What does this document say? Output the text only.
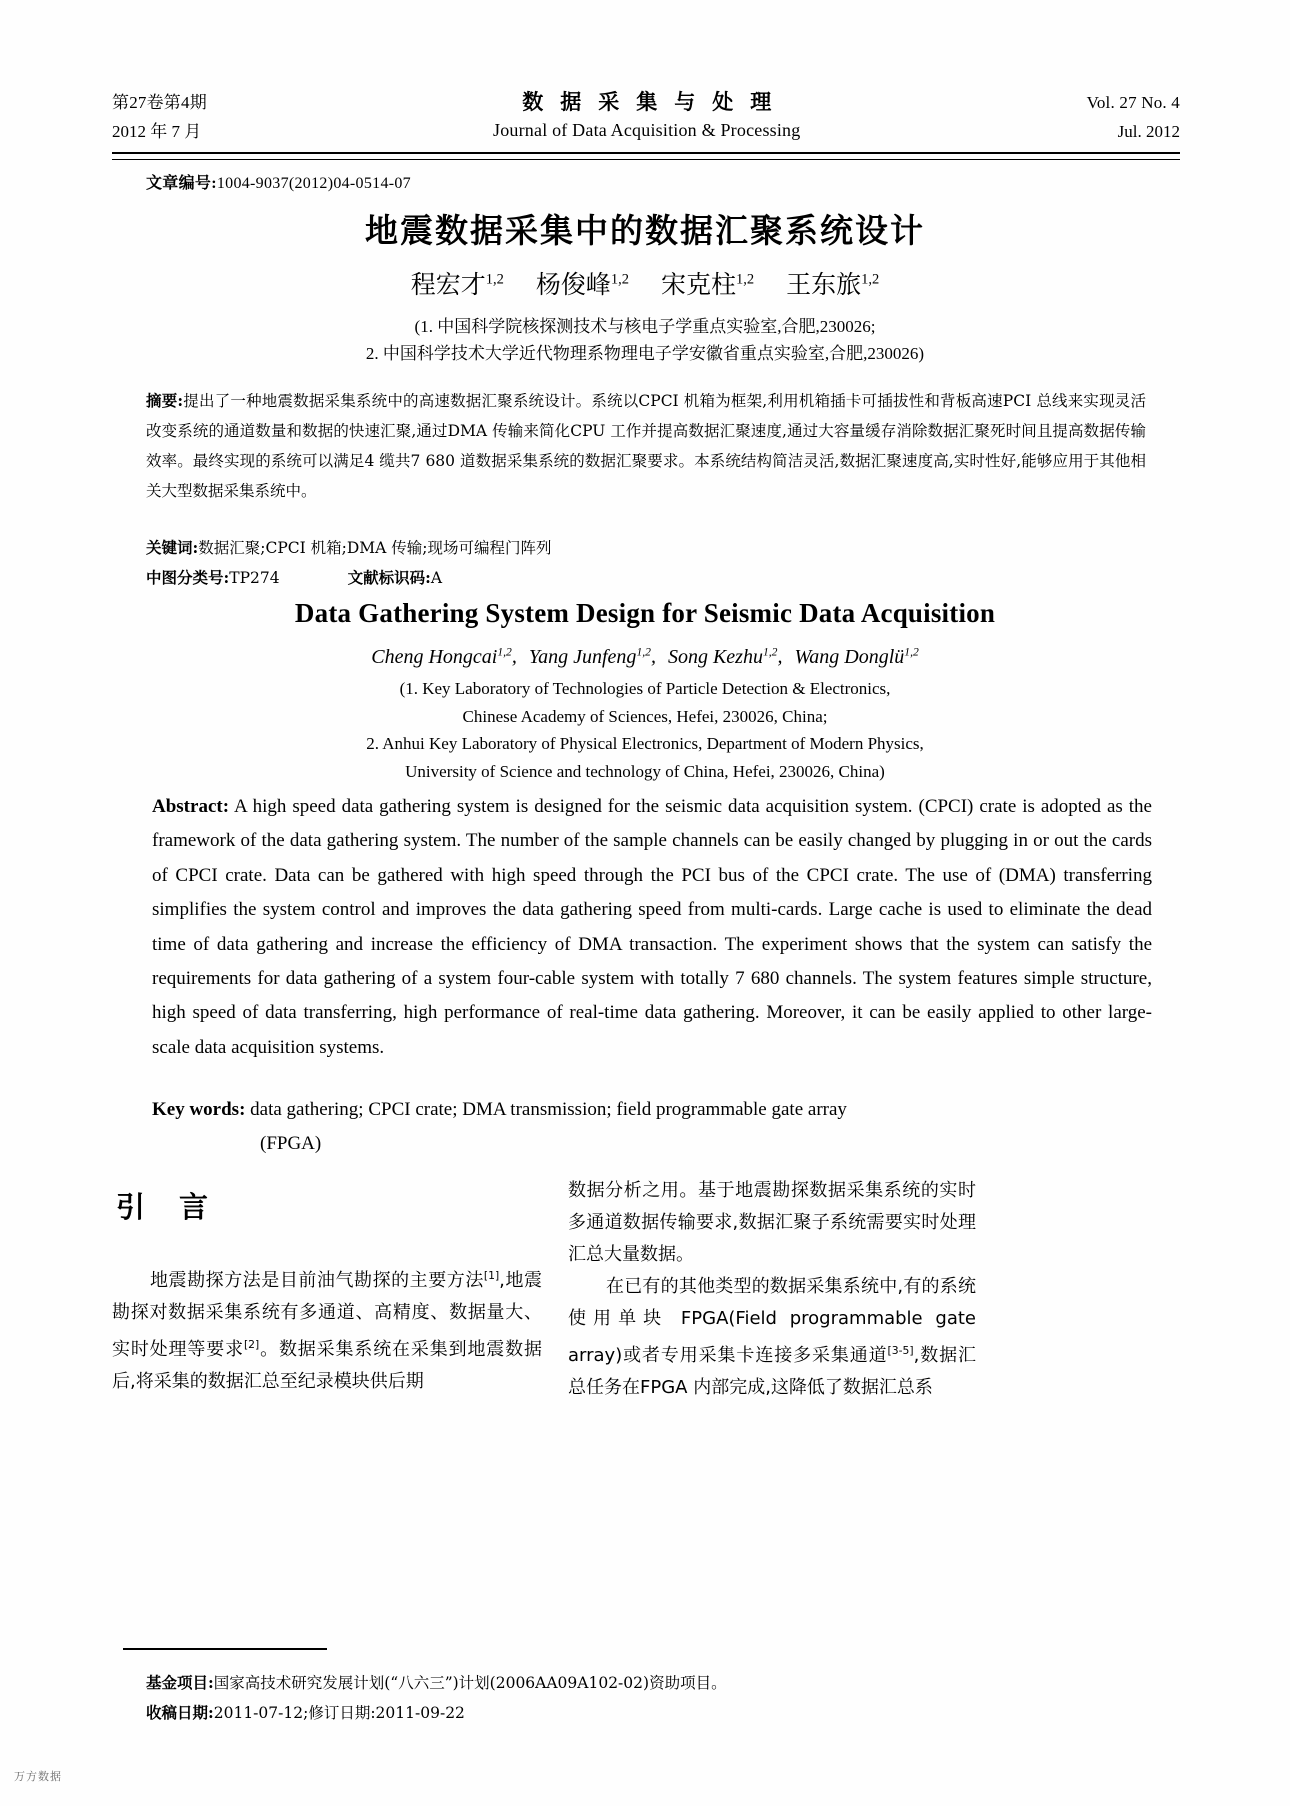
第27卷第4期
2012 年 7 月
数据采集与处理
Journal of Data Acquisition & Processing
Vol. 27 No. 4
Jul. 2012
文章编号:1004-9037(2012)04-0514-07
地震数据采集中的数据汇聚系统设计
程宏才$^{1,2}$ 杨俊峰$^{1,2}$ 宋克柱$^{1,2}$ 王东旅$^{1,2}$
(1. 中国科学院核探测技术与核电子学重点实验室,合肥,230026;
2. 中国科学技术大学近代物理系物理电子学安徽省重点实验室,合肥,230026)
摘要:提出了一种地震数据采集系统中的高速数据汇聚系统设计。系统以CPCI 机箱为框架,利用机箱插卡可插拔性和背板高速PCI 总线来实现灵活改变系统的通道数量和数据的快速汇聚,通过DMA 传输来简化CPU 工作并提高数据汇聚速度,通过大容量缓存消除数据汇聚死时间且提高数据传输效率。最终实现的系统可以满足4 缆共7 680 道数据采集系统的数据汇聚要求。本系统结构简洁灵活,数据汇聚速度高,实时性好,能够应用于其他相关大型数据采集系统中。
关键词:数据汇聚;CPCI 机箱;DMA 传输;现场可编程门阵列
中图分类号:TP274	文献标识码:A
Data Gathering System Design for Seismic Data Acquisition
Cheng Hongcai$^{1,2}$, Yang Junfeng$^{1,2}$, Song Kezhu$^{1,2}$, Wang Donglü$^{1,2}$
(1. Key Laboratory of Technologies of Particle Detection & Electronics,
Chinese Academy of Sciences, Hefei, 230026, China;
2. Anhui Key Laboratory of Physical Electronics, Department of Modern Physics,
University of Science and technology of China, Hefei, 230026, China)
Abstract: A high speed data gathering system is designed for the seismic data acquisition system. (CPCI) crate is adopted as the framework of the data gathering system. The number of the sample channels can be easily changed by plugging in or out the cards of CPCI crate. Data can be gathered with high speed through the PCI bus of the CPCI crate. The use of (DMA) transferring simplifies the system control and improves the data gathering speed from multi-cards. Large cache is used to eliminate the dead time of data gathering and increase the efficiency of DMA transaction. The experiment shows that the system can satisfy the requirements for data gathering of a system four-cable system with totally 7 680 channels. The system features simple structure, high speed of data transferring, high performance of real-time data gathering. Moreover, it can be easily applied to other large-scale data acquisition systems.
Key words: data gathering; CPCI crate; DMA transmission; field programmable gate array
(FPGA)
引言

地震勘探方法是目前油气勘探的主要方法[1],地震勘探对数据采集系统有多通道、高精度、数据量大、实时处理等要求[2]。数据采集系统在采集到地震数据后,将采集的数据汇总至纪录模块供后期

数据分析之用。基于地震勘探数据采集系统的实时多通道数据传输要求,数据汇聚子系统需要实时处理汇总大量数据。

在已有的其他类型的数据采集系统中,有的系统使用单块 FPGA(Field programmable gate array)或者专用采集卡连接多采集通道[3-5],数据汇总任务在FPGA 内部完成,这降低了数据汇总系

基金项目:国家高技术研究发展计划(“八六三”)计划(2006AA09A102-02)资助项目。
收稿日期:2011-07-12;修订日期:2011-09-22
万方数据
